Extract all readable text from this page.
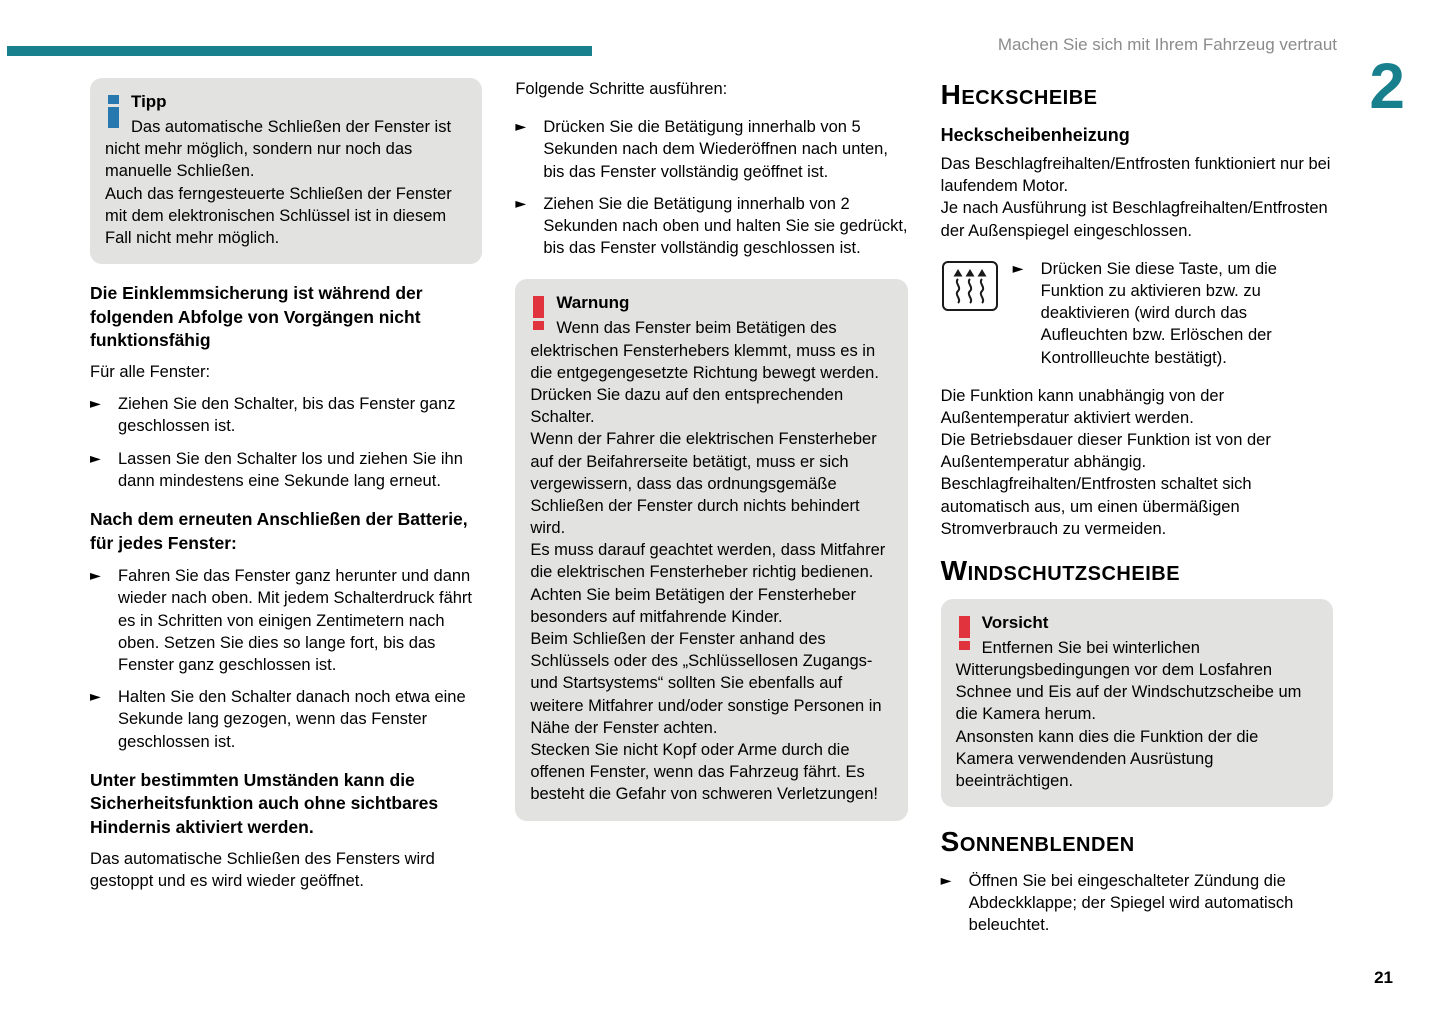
Machen Sie sich mit Ihrem Fahrzeug vertraut
2
Tipp

Das automatische Schließen der Fenster ist nicht mehr möglich, sondern nur noch das manuelle Schließen.

Auch das ferngesteuerte Schließen der Fenster mit dem elektronischen Schlüssel ist in diesem Fall nicht mehr möglich.

Die Einklemmsicherung ist während der folgenden Abfolge von Vorgängen nicht funktionsfähig

Für alle Fenster:

►	Ziehen Sie den Schalter, bis das Fenster ganz geschlossen ist.
►	Lassen Sie den Schalter los und ziehen Sie ihn dann mindestens eine Sekunde lang erneut.
Nach dem erneuten Anschließen der Batterie, für jedes Fenster:
►	Fahren Sie das Fenster ganz herunter und dann wieder nach oben. Mit jedem Schalterdruck fährt es in Schritten von einigen Zentimetern nach oben. Setzen Sie dies so lange fort, bis das Fenster ganz geschlossen ist.
►	Halten Sie den Schalter danach noch etwa eine Sekunde lang gezogen, wenn das Fenster geschlossen ist.
Unter bestimmten Umständen kann die Sicherheitsfunktion auch ohne sichtbares Hindernis aktiviert werden.

Das automatische Schließen des Fensters wird gestoppt und es wird wieder geöffnet.

Folgende Schritte ausführen:

►	Drücken Sie die Betätigung innerhalb von 5 Sekunden nach dem Wiederöffnen nach unten, bis das Fenster vollständig geöffnet ist.
►	Ziehen Sie die Betätigung innerhalb von 2 Sekunden nach oben und halten Sie sie gedrückt, bis das Fenster vollständig geschlossen ist.
Warnung

Wenn das Fenster beim Betätigen des elektrischen Fensterhebers klemmt, muss es in die entgegengesetzte Richtung bewegt werden. Drücken Sie dazu auf den entsprechenden Schalter.

Wenn der Fahrer die elektrischen Fensterheber auf der Beifahrerseite betätigt, muss er sich vergewissern, dass das ordnungsgemäße Schließen der Fenster durch nichts behindert wird.

Es muss darauf geachtet werden, dass Mitfahrer die elektrischen Fensterheber richtig bedienen.

Achten Sie beim Betätigen der Fensterheber besonders auf mitfahrende Kinder.

Beim Schließen der Fenster anhand des Schlüssels oder des „Schlüssellosen Zugangs- und Startsystems“ sollten Sie ebenfalls auf weitere Mitfahrer und/oder sonstige Personen in Nähe der Fenster achten.

Stecken Sie nicht Kopf oder Arme durch die offenen Fenster, wenn das Fahrzeug fährt. Es besteht die Gefahr von schweren Verletzungen!

Heckscheibe
Heckscheibenheizung

Das Beschlagfreihalten/Entfrosten funktioniert nur bei laufendem Motor.

Je nach Ausführung ist Beschlagfreihalten/Entfrosten der Außenspiegel eingeschlossen.

►	Drücken Sie diese Taste, um die Funktion zu aktivieren bzw. zu deaktivieren (wird durch das Aufleuchten bzw. Erlöschen der Kontrollleuchte bestätigt).

Die Funktion kann unabhängig von der Außentemperatur aktiviert werden.

Die Betriebsdauer dieser Funktion ist von der Außentemperatur abhängig.

Beschlagfreihalten/Entfrosten schaltet sich automatisch aus, um einen übermäßigen Stromverbrauch zu vermeiden.

Windschutzscheibe
Vorsicht

Entfernen Sie bei winterlichen Witterungsbedingungen vor dem Losfahren Schnee und Eis auf der Windschutzscheibe um die Kamera herum.

Ansonsten kann dies die Funktion der die Kamera verwendenden Ausrüstung beeinträchtigen.

Sonnenblenden
►	Öffnen Sie bei eingeschalteter Zündung die Abdeckklappe; der Spiegel wird automatisch beleuchtet.
21
